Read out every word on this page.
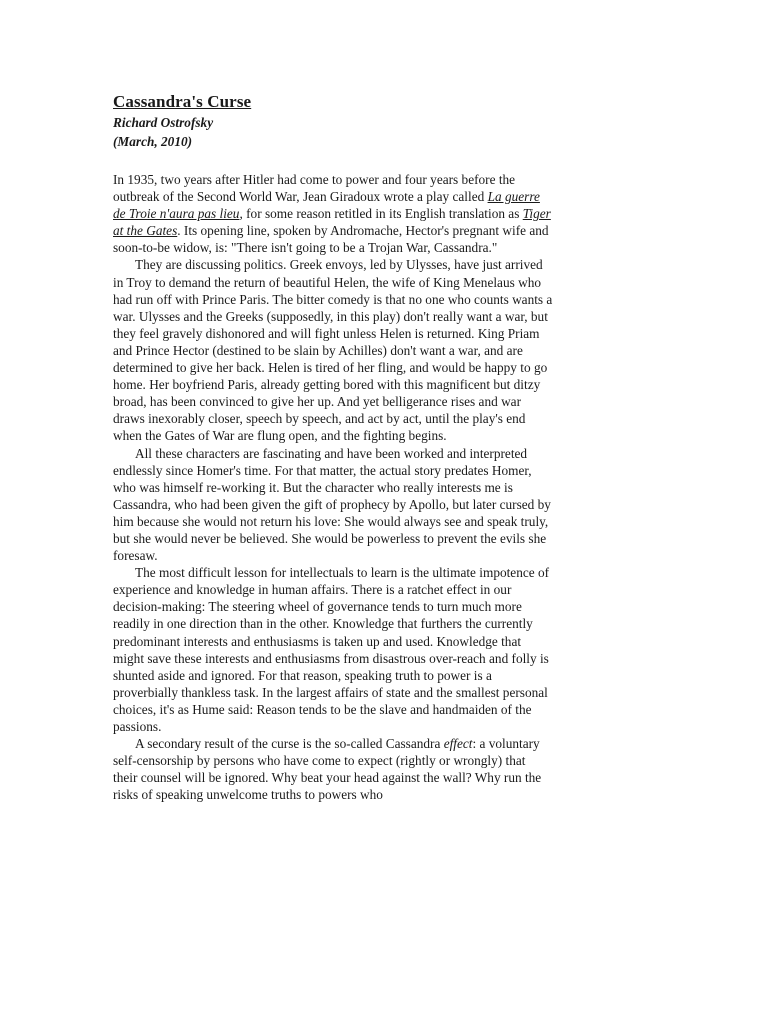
Cassandra's Curse
Richard Ostrofsky
(March, 2010)

In 1935, two years after Hitler had come to power and four years before the outbreak of the Second World War, Jean Giradoux wrote a play called La guerre de Troie n'aura pas lieu, for some reason retitled in its English translation as Tiger at the Gates. Its opening line, spoken by Andromache, Hector's pregnant wife and soon-to-be widow, is: "There isn't going to be a Trojan War, Cassandra."

They are discussing politics. Greek envoys, led by Ulysses, have just arrived in Troy to demand the return of beautiful Helen, the wife of King Menelaus who had run off with Prince Paris. The bitter comedy is that no one who counts wants a war. Ulysses and the Greeks (supposedly, in this play) don't really want a war, but they feel gravely dishonored and will fight unless Helen is returned. King Priam and Prince Hector (destined to be slain by Achilles) don't want a war, and are determined to give her back. Helen is tired of her fling, and would be happy to go home. Her boyfriend Paris, already getting bored with this magnificent but ditzy broad, has been convinced to give her up. And yet belligerance rises and war draws inexorably closer, speech by speech, and act by act, until the play's end when the Gates of War are flung open, and the fighting begins.

All these characters are fascinating and have been worked and interpreted endlessly since Homer's time. For that matter, the actual story predates Homer, who was himself re-working it. But the character who really interests me is Cassandra, who had been given the gift of prophecy by Apollo, but later cursed by him because she would not return his love: She would always see and speak truly, but she would never be believed. She would be powerless to prevent the evils she foresaw.

The most difficult lesson for intellectuals to learn is the ultimate impotence of experience and knowledge in human affairs. There is a ratchet effect in our decision-making: The steering wheel of governance tends to turn much more readily in one direction than in the other. Knowledge that furthers the currently predominant interests and enthusiasms is taken up and used. Knowledge that might save these interests and enthusiasms from disastrous over-reach and folly is shunted aside and ignored. For that reason, speaking truth to power is a proverbially thankless task. In the largest affairs of state and the smallest personal choices, it's as Hume said: Reason tends to be the slave and handmaiden of the passions.

A secondary result of the curse is the so-called Cassandra effect: a voluntary self-censorship by persons who have come to expect (rightly or wrongly) that their counsel will be ignored. Why beat your head against the wall? Why run the risks of speaking unwelcome truths to powers who
